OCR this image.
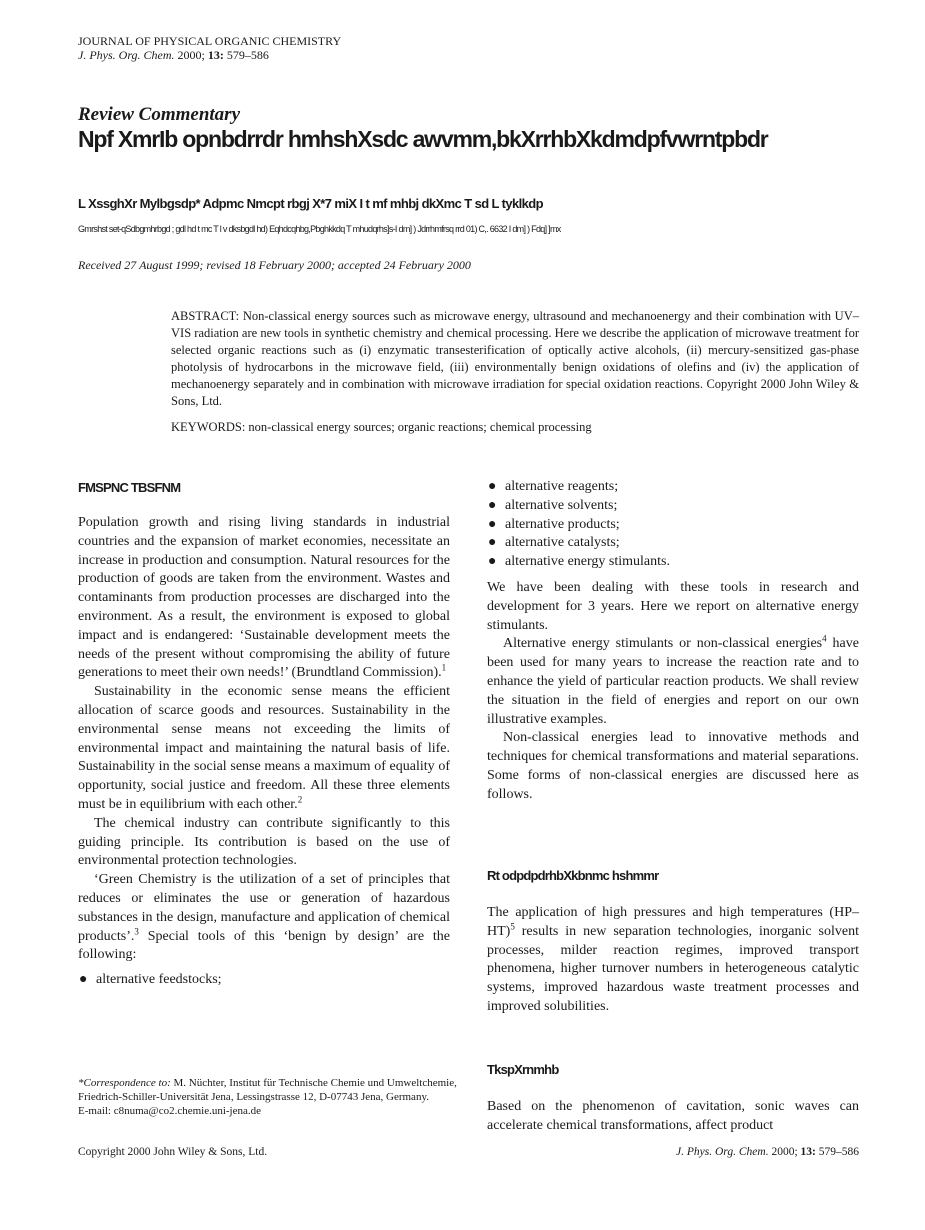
JOURNAL OF PHYSICAL ORGANIC CHEMISTRY
J. Phys. Org. Chem. 2000; 13: 579–586
Review Commentary
Npf XmrIb opnbdrrdr hmhshXsdc awvmm,bkXrrhbXkdmdpfvwrntpbdr
L XssghXr Mylbgsdp* Adpmc Nmcpt rbgj X*7 miX I t mf mhbj dkXmc T sd L tyklkdp
Gmrshst set-qSdbgmhrbgd ; gdl hd t mc T l v dksbgdl hd) Eqhdcqhbg,Pbghkkdq T mhudqrhs]s-I dm] ) Jdrrhmfrsq rrd 01) C,. 6632 I dm] ) Fdq] ]mx
Received 27 August 1999; revised 18 February 2000; accepted 24 February 2000
ABSTRACT: Non-classical energy sources such as microwave energy, ultrasound and mechanoenergy and their combination with UV–VIS radiation are new tools in synthetic chemistry and chemical processing. Here we describe the application of microwave treatment for selected organic reactions such as (i) enzymatic transesterification of optically active alcohols, (ii) mercury-sensitized gas-phase photolysis of hydrocarbons in the microwave field, (iii) environmentally benign oxidations of olefins and (iv) the application of mechanoenergy separately and in combination with microwave irradiation for special oxidation reactions. Copyright 2000 John Wiley & Sons, Ltd.
KEYWORDS: non-classical energy sources; organic reactions; chemical processing
FMSPNC TBSFNM

Population growth and rising living standards in industrial countries and the expansion of market economies, necessitate an increase in production and consumption. Natural resources for the production of goods are taken from the environment. Wastes and contaminants from production processes are discharged into the environment. As a result, the environment is exposed to global impact and is endangered: ‘Sustainable development meets the needs of the present without compromising the ability of future generations to meet their own needs!’ (Brundtland Commission).$^1$

Sustainability in the economic sense means the efficient allocation of scarce goods and resources. Sustainability in the environmental sense means not exceeding the limits of environmental impact and maintaining the natural basis of life. Sustainability in the social sense means a maximum of equality of opportunity, social justice and freedom. All these three elements must be in equilibrium with each other.$^2$

The chemical industry can contribute significantly to this guiding principle. Its contribution is based on the use of environmental protection technologies.

‘Green Chemistry is the utilization of a set of principles that reduces or eliminates the use or generation of hazardous substances in the design, manufacture and application of chemical products’.$^3$ Special tools of this ‘benign by design’ are the following:

● alternative feedstocks;
● alternative reagents;
● alternative solvents;
● alternative products;
● alternative catalysts;
● alternative energy stimulants.

We have been dealing with these tools in research and development for 3 years. Here we report on alternative energy stimulants.

Alternative energy stimulants or non-classical energies$^4$ have been used for many years to increase the reaction rate and to enhance the yield of particular reaction products. We shall review the situation in the field of energies and report on our own illustrative examples.

Non-classical energies lead to innovative methods and techniques for chemical transformations and material separations. Some forms of non-classical energies are discussed here as follows.

Rt odpdpdrhbXkbnmc hshmmr

The application of high pressures and high temperatures $(HP-HT)^5$ results in new separation technologies, inorganic solvent processes, milder reaction regimes, improved transport phenomena, higher turnover numbers in heterogeneous catalytic systems, improved hazardous waste treatment processes and improved solubilities.

TkspXrnmhb

Based on the phenomenon of cavitation, sonic waves can accelerate chemical transformations, affect product

*Correspondence to: M. Nüchter, Institut für Technische Chemie und Umweltchemie, Friedrich-Schiller-Universität Jena, Lessingstrasse 12, D-07743 Jena, Germany.
E-mail: c8numa@co2.chemie.uni-jena.de
Copyright 2000 John Wiley & Sons, Ltd.	J. Phys. Org. Chem. 2000; 13: 579–586
